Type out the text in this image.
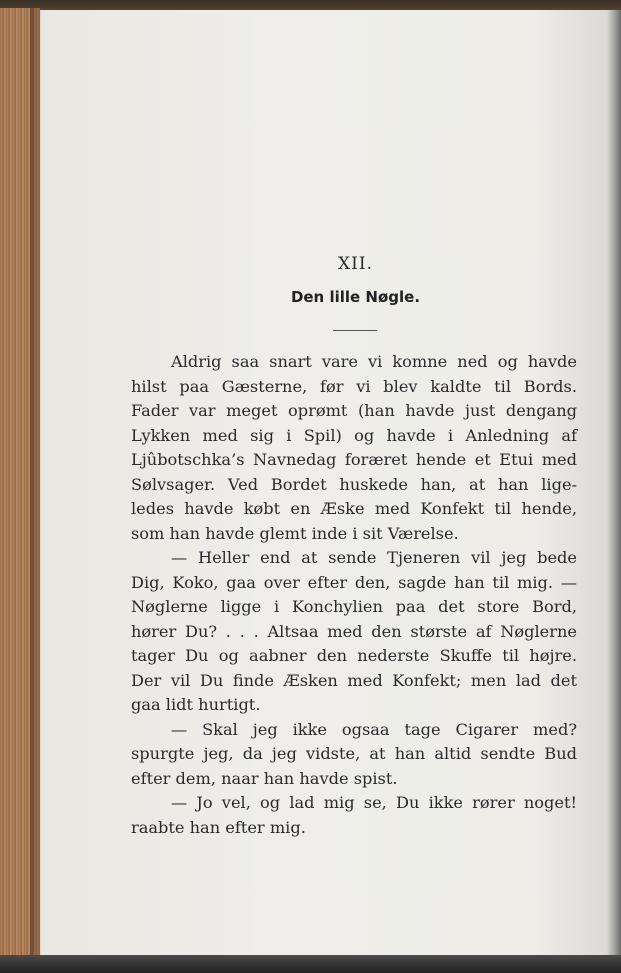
XII.
Den lille Nøgle.
Aldrig saa snart vare vi komne ned og havde
hilst paa Gæsterne, før vi blev kaldte til Bords.
Fader var meget oprømt (han havde just dengang
Lykken med sig i Spil) og havde i Anledning af
Ljûbotschka’s Navnedag foræret hende et Etui med
Sølvsager. Ved Bordet huskede han, at han lige-
ledes havde købt en Æske med Konfekt til hende,
som han havde glemt inde i sit Værelse.
— Heller end at sende Tjeneren vil jeg bede
Dig, Koko, gaa over efter den, sagde han til mig. —
Nøglerne ligge i Konchylien paa det store Bord,
hører Du? . . . Altsaa med den største af Nøglerne
tager Du og aabner den nederste Skuffe til højre.
Der vil Du finde Æsken med Konfekt; men lad det
gaa lidt hurtigt.
— Skal jeg ikke ogsaa tage Cigarer med?
spurgte jeg, da jeg vidste, at han altid sendte Bud
efter dem, naar han havde spist.
— Jo vel, og lad mig se, Du ikke rører noget!
raabte han efter mig.
